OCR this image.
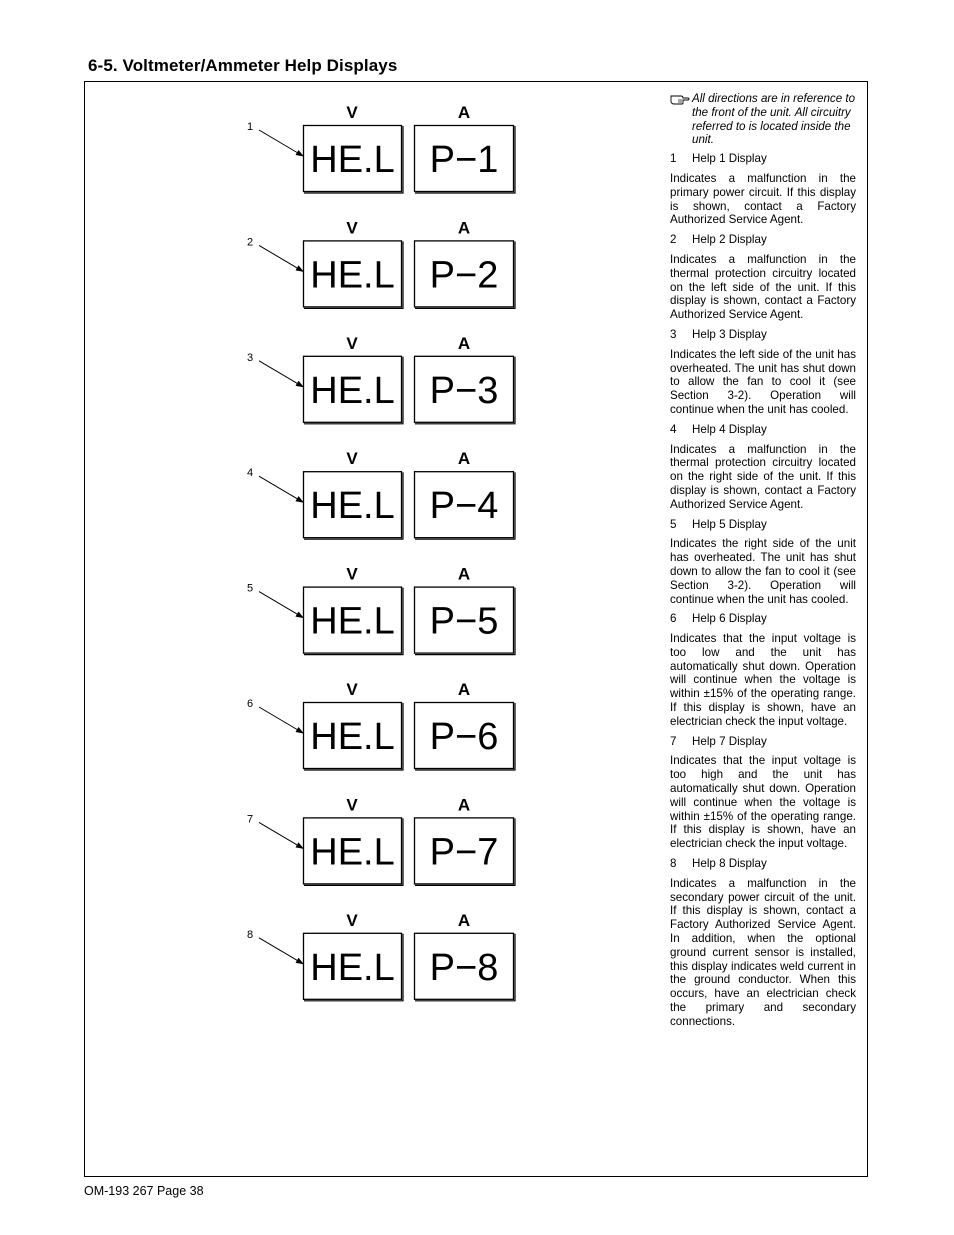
6-5. Voltmeter/Ammeter Help Displays
V	A
1
HE.L P−1
V	A
2
HE.L P−2
V	A
3
HE.L P−3
V	A
4
HE.L P−4
V	A
5
HE.L P−5
V	A
6
HE.L P−6
V	A
7
HE.L P−7
V	A
8
HE.L P−8
All directions are in reference to the front of the unit. All circuitry referred to is located inside the unit.
1 Help 1 Display
Indicates a malfunction in the primary power circuit. If this display is shown, contact a Factory Authorized Service Agent.
2 Help 2 Display
Indicates a malfunction in the thermal protection circuitry located on the left side of the unit. If this display is shown, contact a Factory Authorized Service Agent.
3 Help 3 Display
Indicates the left side of the unit has overheated. The unit has shut down to allow the fan to cool it (see Section 3-2). Operation will continue when the unit has cooled.
4 Help 4 Display
Indicates a malfunction in the thermal protection circuitry located on the right side of the unit. If this display is shown, contact a Factory Authorized Service Agent.
5 Help 5 Display
Indicates the right side of the unit has overheated. The unit has shut down to allow the fan to cool it (see Section 3-2). Operation will continue when the unit has cooled.
6 Help 6 Display
Indicates that the input voltage is too low and the unit has automatically shut down. Operation will continue when the voltage is within ±15% of the operating range. If this display is shown, have an electrician check the input voltage.
7 Help 7 Display
Indicates that the input voltage is too high and the unit has automatically shut down. Operation will continue when the voltage is within ±15% of the operating range. If this display is shown, have an electrician check the input voltage.
8 Help 8 Display
Indicates a malfunction in the secondary power circuit of the unit. If this display is shown, contact a Factory Authorized Service Agent. In addition, when the optional ground current sensor is installed, this display indicates weld current in the ground conductor. When this occurs, have an electrician check the primary and secondary connections.
OM-193 267 Page 38
